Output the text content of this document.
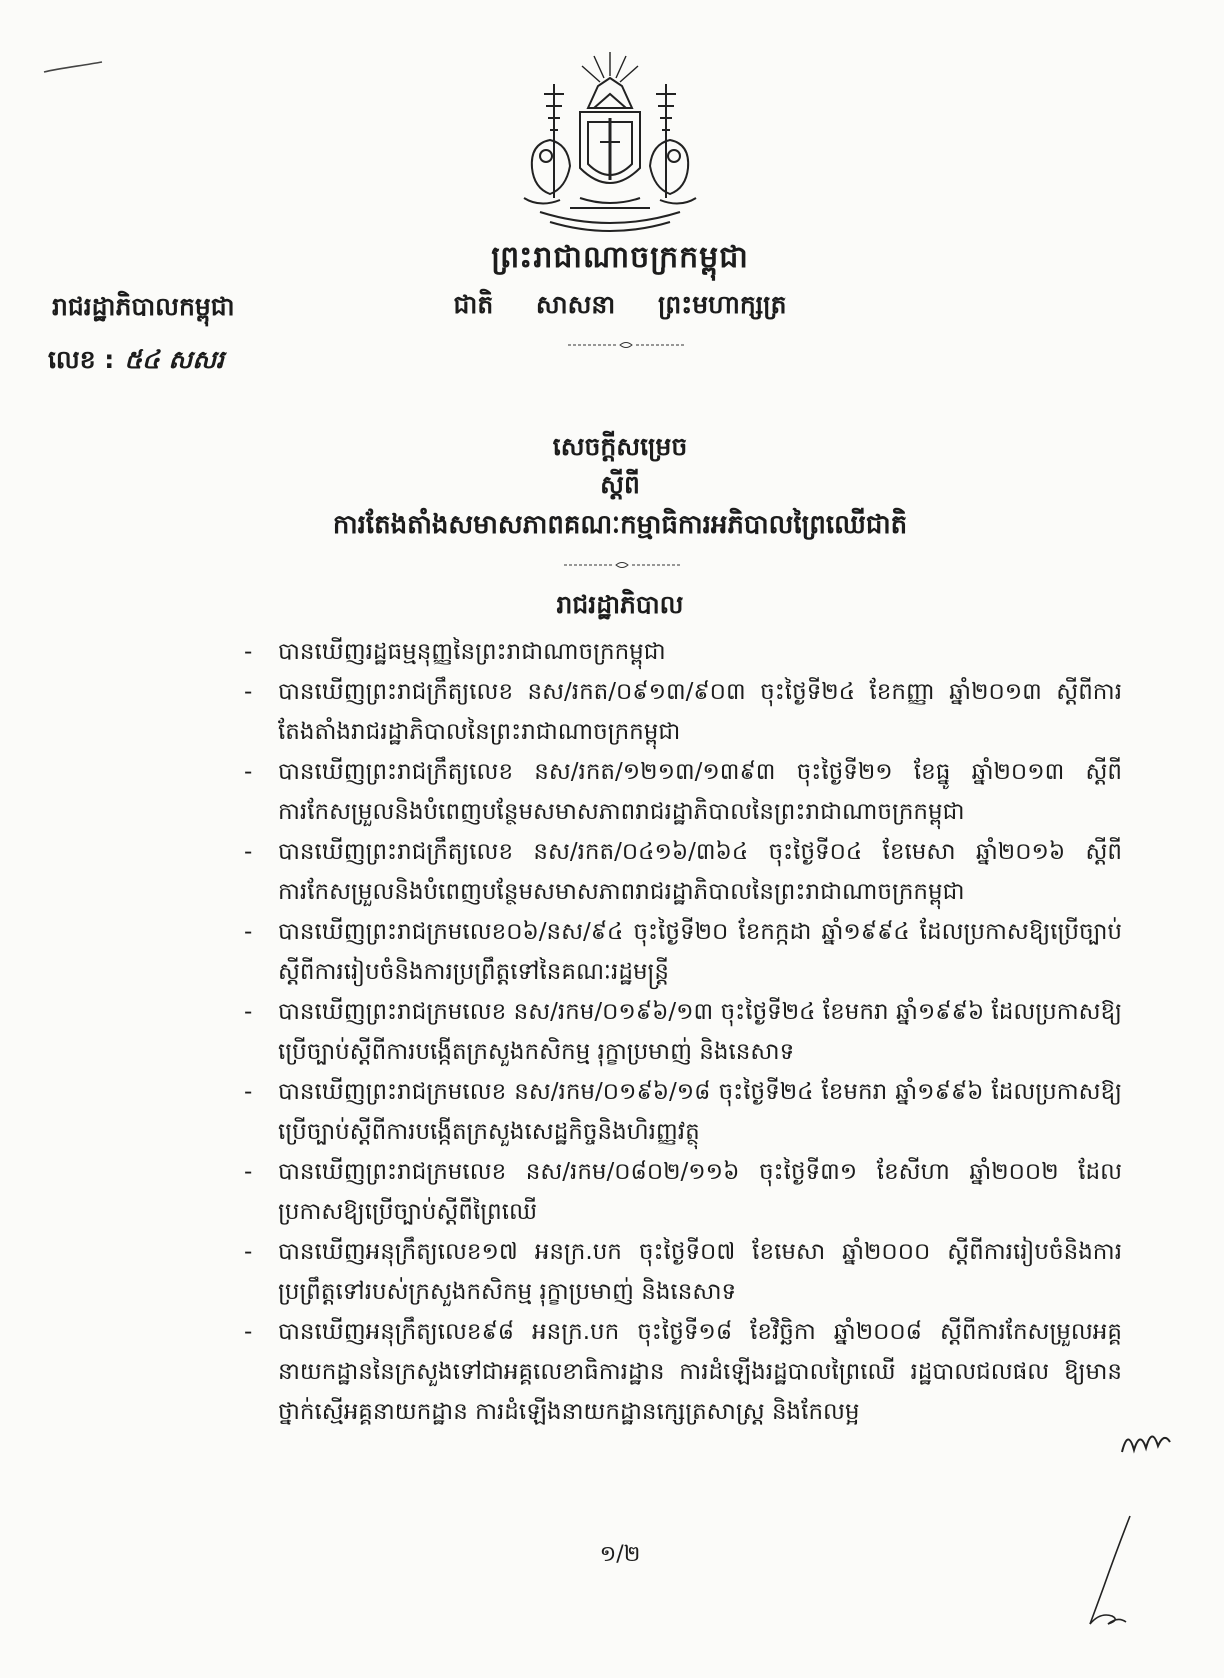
ព្រះរាជាណាចក្រកម្ពុជា
ជាតិ សាសនា ព្រះមហាក្សត្រ
រាជរដ្ឋាភិបាលកម្ពុជា
លេខ : ៥៤ សសរ
សេចក្តីសម្រេច
ស្តីពី
ការតែងតាំងសមាសភាពគណៈកម្មាធិការអភិបាលព្រៃឈើជាតិ
រាជរដ្ឋាភិបាល
- បានឃើញរដ្ឋធម្មនុញ្ញនៃព្រះរាជាណាចក្រកម្ពុជា
- បានឃើញព្រះរាជក្រឹត្យលេខ នស/រកត/០៩១៣/៩០៣ ចុះថ្ងៃទី២៤ ខែកញ្ញា ឆ្នាំ២០១៣ ស្តីពីការតែងតាំងរាជរដ្ឋាភិបាលនៃព្រះរាជាណាចក្រកម្ពុជា
- បានឃើញព្រះរាជក្រឹត្យលេខ នស/រកត/១២១៣/១៣៩៣ ចុះថ្ងៃទី២១ ខែធ្នូ ឆ្នាំ២០១៣ ស្តីពីការកែសម្រួលនិងបំពេញបន្ថែមសមាសភាពរាជរដ្ឋាភិបាលនៃព្រះរាជាណាចក្រកម្ពុជា
- បានឃើញព្រះរាជក្រឹត្យលេខ នស/រកត/០៤១៦/៣៦៤ ចុះថ្ងៃទី០៤ ខែមេសា ឆ្នាំ២០១៦ ស្តីពីការកែសម្រួលនិងបំពេញបន្ថែមសមាសភាពរាជរដ្ឋាភិបាលនៃព្រះរាជាណាចក្រកម្ពុជា
- បានឃើញព្រះរាជក្រមលេខ០៦/នស/៩៤ ចុះថ្ងៃទី២០ ខែកក្កដា ឆ្នាំ១៩៩៤ ដែលប្រកាសឱ្យប្រើច្បាប់ស្តីពីការរៀបចំនិងការប្រព្រឹត្តទៅនៃគណៈរដ្ឋមន្ត្រី
- បានឃើញព្រះរាជក្រមលេខ នស/រកម/០១៩៦/១៣ ចុះថ្ងៃទី២៤ ខែមករា ឆ្នាំ១៩៩៦ ដែលប្រកាសឱ្យប្រើច្បាប់ស្តីពីការបង្កើតក្រសួងកសិកម្ម រុក្ខាប្រមាញ់ និងនេសាទ
- បានឃើញព្រះរាជក្រមលេខ នស/រកម/០១៩៦/១៨ ចុះថ្ងៃទី២៤ ខែមករា ឆ្នាំ១៩៩៦ ដែលប្រកាសឱ្យប្រើច្បាប់ស្តីពីការបង្កើតក្រសួងសេដ្ឋកិច្ចនិងហិរញ្ញវត្ថុ
- បានឃើញព្រះរាជក្រមលេខ នស/រកម/០៨០២/១១៦ ចុះថ្ងៃទី៣១ ខែសីហា ឆ្នាំ២០០២ ដែលប្រកាសឱ្យប្រើច្បាប់ស្តីពីព្រៃឈើ
- បានឃើញអនុក្រឹត្យលេខ១៧ អនក្រ.បក ចុះថ្ងៃទី០៧ ខែមេសា ឆ្នាំ២០០០ ស្តីពីការរៀបចំនិងការប្រព្រឹត្តទៅរបស់ក្រសួងកសិកម្ម រុក្ខាប្រមាញ់ និងនេសាទ
- បានឃើញអនុក្រឹត្យលេខ៩៨ អនក្រ.បក ចុះថ្ងៃទី១៨ ខែវិច្ឆិកា ឆ្នាំ២០០៨ ស្តីពីការកែសម្រួលអគ្គនាយកដ្ឋាននៃក្រសួងទៅជាអគ្គលេខាធិការដ្ឋាន ការដំឡើងរដ្ឋបាលព្រៃឈើ រដ្ឋបាលជលផល ឱ្យមានថ្នាក់ស្មើអគ្គនាយកដ្ឋាន ការដំឡើងនាយកដ្ឋានក្សេត្រសាស្ត្រ និងកែលម្អ
១/២
